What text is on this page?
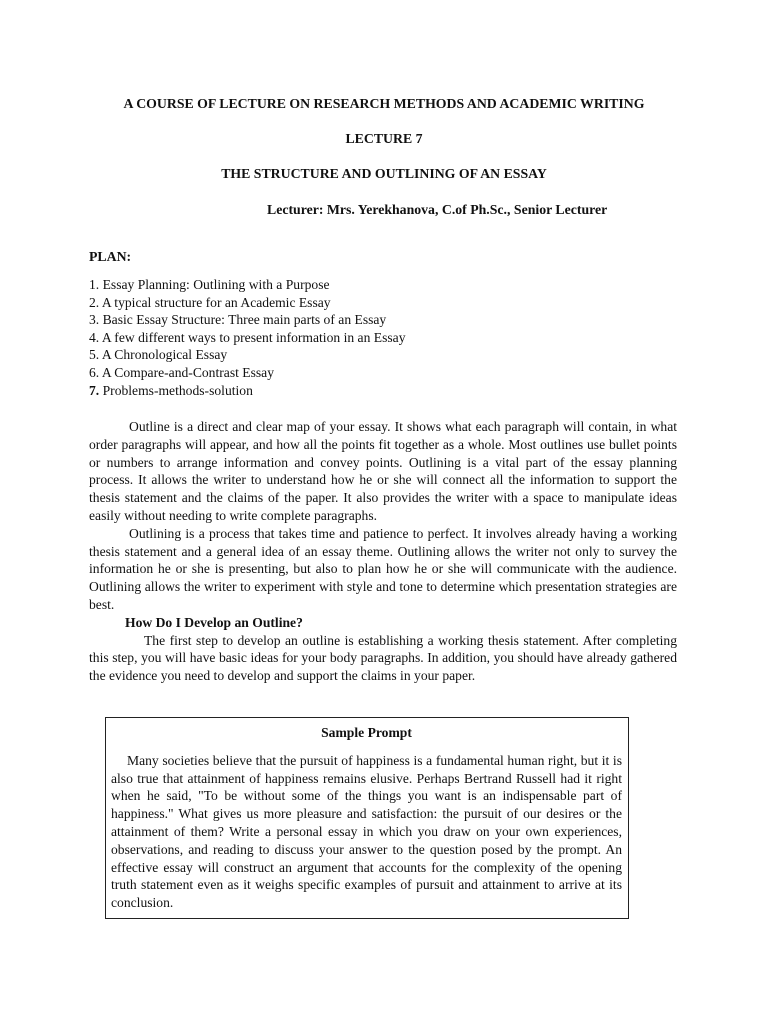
A COURSE OF LECTURE ON RESEARCH METHODS AND ACADEMIC WRITING
LECTURE 7
THE STRUCTURE AND OUTLINING OF AN ESSAY
Lecturer: Mrs. Yerekhanova, C.of Ph.Sc., Senior Lecturer
PLAN:
1. Essay Planning: Outlining with a Purpose
2. A typical structure for an Academic Essay
3. Basic Essay Structure: Three main parts of an Essay
4. A few different ways to present information in an Essay
5. A Chronological Essay
6. A Compare-and-Contrast Essay
7. Problems-methods-solution

Outline is a direct and clear map of your essay. It shows what each paragraph will contain, in what order paragraphs will appear, and how all the points fit together as a whole. Most outlines use bullet points or numbers to arrange information and convey points. Outlining is a vital part of the essay planning process. It allows the writer to understand how he or she will connect all the information to support the thesis statement and the claims of the paper. It also provides the writer with a space to manipulate ideas easily without needing to write complete paragraphs.

Outlining is a process that takes time and patience to perfect. It involves already having a working thesis statement and a general idea of an essay theme. Outlining allows the writer not only to survey the information he or she is presenting, but also to plan how he or she will communicate with the audience. Outlining allows the writer to experiment with style and tone to determine which presentation strategies are best.

How Do I Develop an Outline?

The first step to develop an outline is establishing a working thesis statement. After completing this step, you will have basic ideas for your body paragraphs. In addition, you should have already gathered the evidence you need to develop and support the claims in your paper.

Sample Prompt

Many societies believe that the pursuit of happiness is a fundamental human right, but it is also true that attainment of happiness remains elusive. Perhaps Bertrand Russell had it right when he said, "To be without some of the things you want is an indispensable part of happiness." What gives us more pleasure and satisfaction: the pursuit of our desires or the attainment of them? Write a personal essay in which you draw on your own experiences, observations, and reading to discuss your answer to the question posed by the prompt. An effective essay will construct an argument that accounts for the complexity of the opening truth statement even as it weighs specific examples of pursuit and attainment to arrive at its conclusion.
